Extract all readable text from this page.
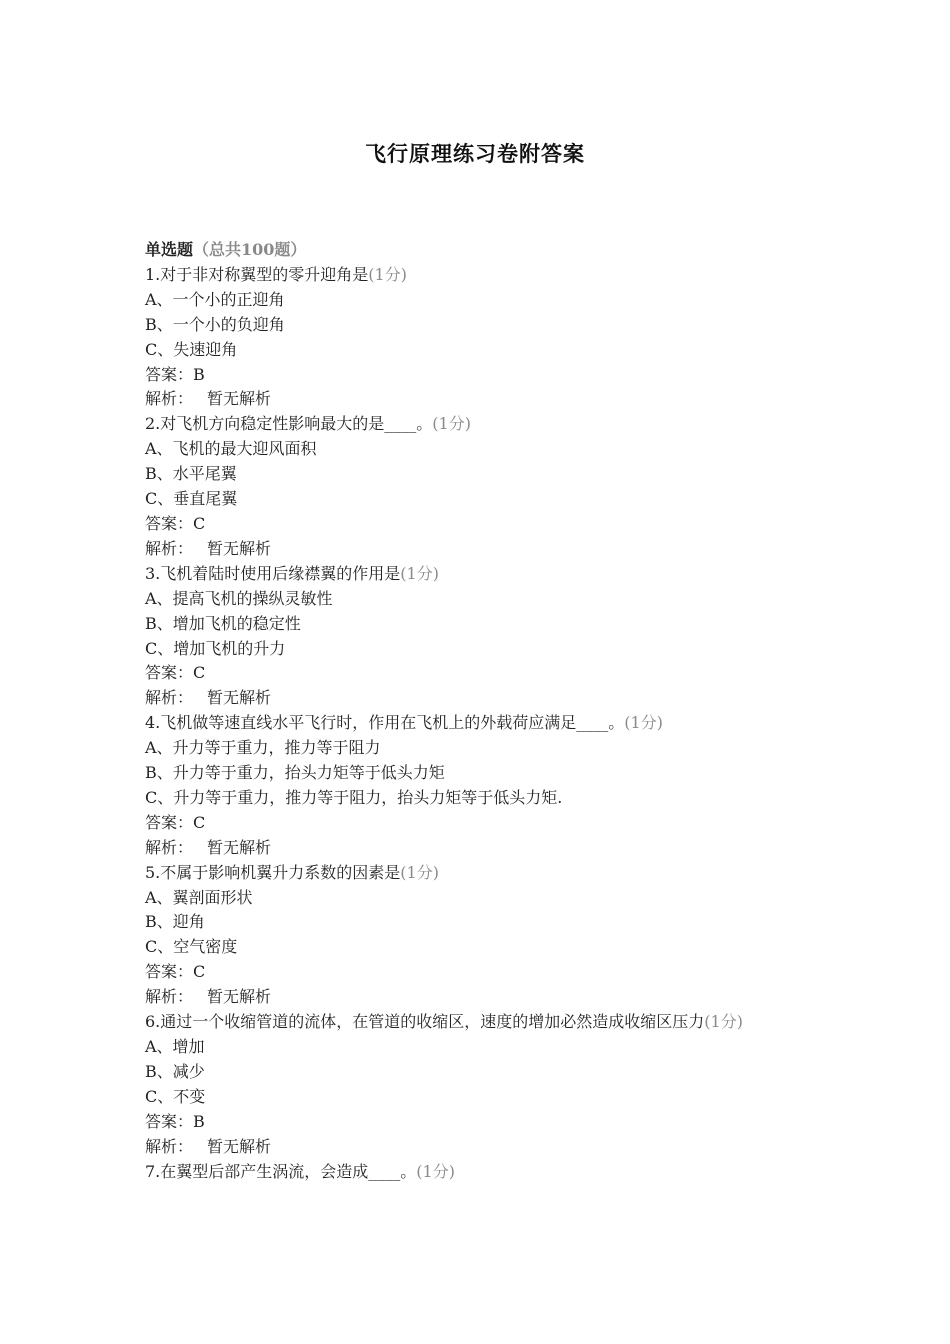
飞行原理练习卷附答案
单选题（总共100题）
1.对于非对称翼型的零升迎角是(1分)
A、一个小的正迎角
B、一个小的负迎角
C、失速迎角
答案：B
解析： 暂无解析
2.对飞机方向稳定性影响最大的是____。(1分)
A、飞机的最大迎风面积
B、水平尾翼
C、垂直尾翼
答案：C
解析： 暂无解析
3.飞机着陆时使用后缘襟翼的作用是(1分)
A、提高飞机的操纵灵敏性
B、增加飞机的稳定性
C、增加飞机的升力
答案：C
解析： 暂无解析
4.飞机做等速直线水平飞行时，作用在飞机上的外载荷应满足____。(1分)
A、升力等于重力，推力等于阻力
B、升力等于重力，抬头力矩等于低头力矩
C、升力等于重力，推力等于阻力，抬头力矩等于低头力矩.
答案：C
解析： 暂无解析
5.不属于影响机翼升力系数的因素是(1分)
A、翼剖面形状
B、迎角
C、空气密度
答案：C
解析： 暂无解析
6.通过一个收缩管道的流体，在管道的收缩区，速度的增加必然造成收缩区压力(1分)
A、增加
B、减少
C、不变
答案：B
解析： 暂无解析
7.在翼型后部产生涡流，会造成____。(1分)
